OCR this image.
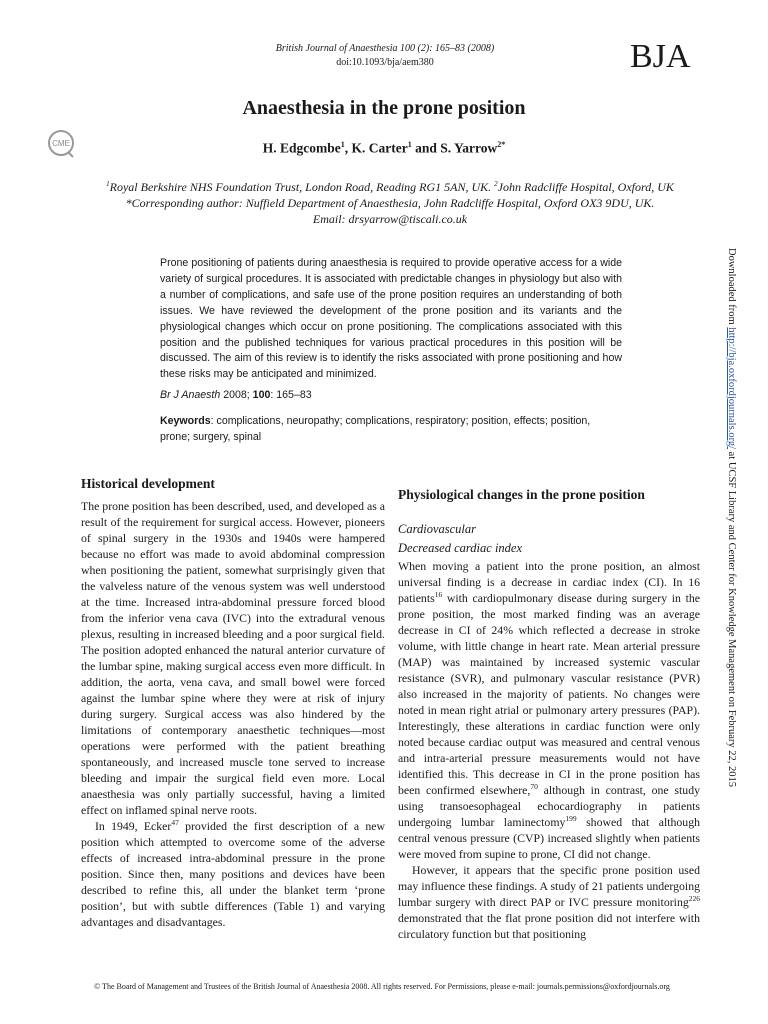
British Journal of Anaesthesia 100 (2): 165–83 (2008)
doi:10.1093/bja/aem380	BJA
CME
Anaesthesia in the prone position
H. Edgcombe$^1$, K. Carter$^1$ and S. Yarrow$^{2*}$
$^1$Royal Berkshire NHS Foundation Trust, London Road, Reading RG1 5AN, UK. $^2$John Radcliffe Hospital, Oxford, UK
*Corresponding author: Nuffield Department of Anaesthesia, John Radcliffe Hospital, Oxford OX3 9DU, UK.
Email: drsyarrow@tiscali.co.uk
Prone positioning of patients during anaesthesia is required to provide operative access for a wide variety of surgical procedures. It is associated with predictable changes in physiology but also with a number of complications, and safe use of the prone position requires an understanding of both issues. We have reviewed the development of the prone position and its variants and the physiological changes which occur on prone positioning. The complications associated with this position and the published techniques for various practical procedures in this position will be discussed. The aim of this review is to identify the risks associated with prone positioning and how these risks may be anticipated and minimized.
Br J Anaesth 2008; 100: 165–83
Keywords: complications, neuropathy; complications, respiratory; position, effects; position, prone; surgery, spinal
Downloaded from http://bja.oxfordjournals.org/ at UCSF Library and Center for Knowledge Management on February 22, 2015
Historical development
The prone position has been described, used, and developed as a result of the requirement for surgical access. However, pioneers of spinal surgery in the 1930s and 1940s were hampered because no effort was made to avoid abdominal compression when positioning the patient, somewhat surprisingly given that the valveless nature of the venous system was well understood at the time. Increased intra-abdominal pressure forced blood from the inferior vena cava (IVC) into the extradural venous plexus, resulting in increased bleeding and a poor surgical field. The position adopted enhanced the natural anterior curvature of the lumbar spine, making surgical access even more difficult. In addition, the aorta, vena cava, and small bowel were forced against the lumbar spine where they were at risk of injury during surgery. Surgical access was also hindered by the limitations of contemporary anaesthetic techniques—most operations were performed with the patient breathing spontaneously, and increased muscle tone served to increase bleeding and impair the surgical field even more. Local anaesthesia was only partially successful, having a limited effect on inflamed spinal nerve roots.
In 1949, Ecker$^{47}$ provided the first description of a new position which attempted to overcome some of the adverse effects of increased intra-abdominal pressure in the prone position. Since then, many positions and devices have been described to refine this, all under the blanket term ‘prone position’, but with subtle differences (Table 1) and varying advantages and disadvantages.
Physiological changes in the prone position
Cardiovascular
Decreased cardiac index
When moving a patient into the prone position, an almost universal finding is a decrease in cardiac index (CI). In 16 patients$^{16}$ with cardiopulmonary disease during surgery in the prone position, the most marked finding was an average decrease in CI of 24% which reflected a decrease in stroke volume, with little change in heart rate. Mean arterial pressure (MAP) was maintained by increased systemic vascular resistance (SVR), and pulmonary vascular resistance (PVR) also increased in the majority of patients. No changes were noted in mean right atrial or pulmonary artery pressures (PAP). Interestingly, these alterations in cardiac function were only noted because cardiac output was measured and central venous and intra-arterial pressure measurements would not have identified this. This decrease in CI in the prone position has been confirmed elsewhere,$^{70}$ although in contrast, one study using transoesophageal echocardiography in patients undergoing lumbar laminectomy$^{199}$ showed that although central venous pressure (CVP) increased slightly when patients were moved from supine to prone, CI did not change.
However, it appears that the specific prone position used may influence these findings. A study of 21 patients undergoing lumbar surgery with direct PAP or IVC pressure monitoring$^{226}$ demonstrated that the flat prone position did not interfere with circulatory function but that positioning
© The Board of Management and Trustees of the British Journal of Anaesthesia 2008. All rights reserved. For Permissions, please e-mail: journals.permissions@oxfordjournals.org
